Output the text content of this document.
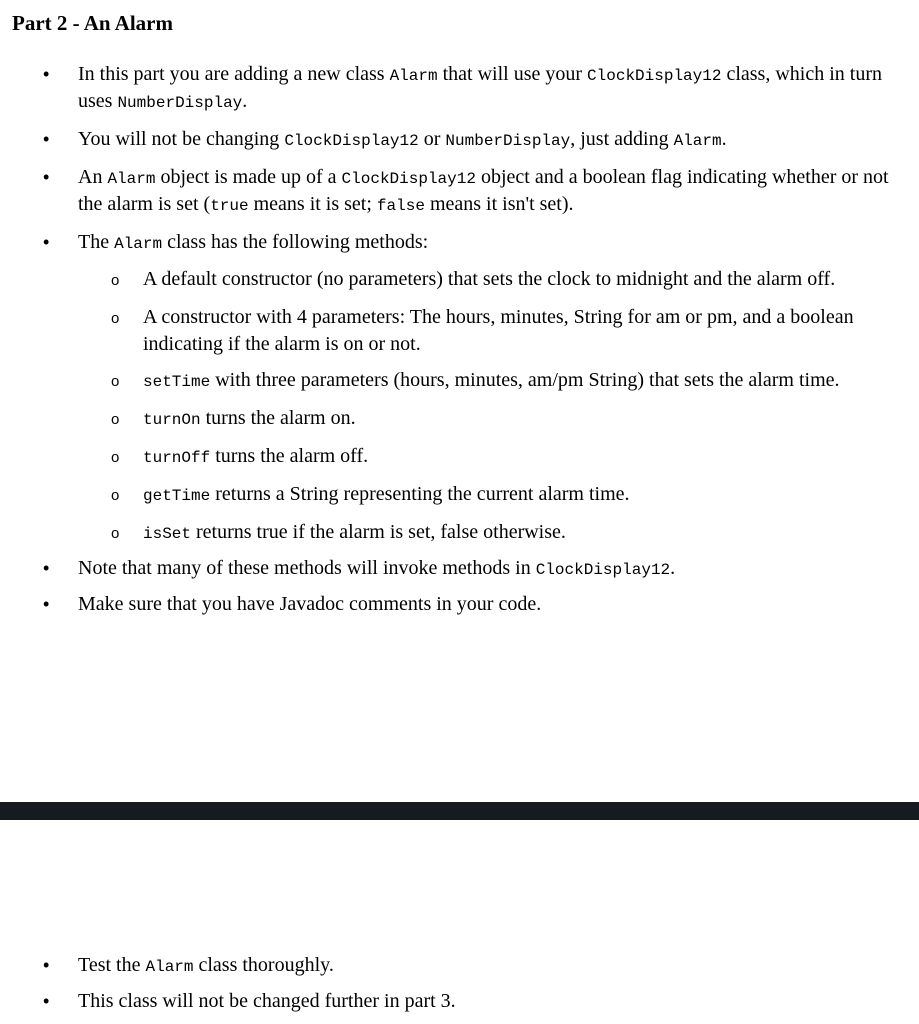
Part 2 - An Alarm
• In this part you are adding a new class Alarm that will use your ClockDisplay12 class, which in turn uses NumberDisplay.
• You will not be changing ClockDisplay12 or NumberDisplay, just adding Alarm.
• An Alarm object is made up of a ClockDisplay12 object and a boolean flag indicating whether or not the alarm is set (true means it is set; false means it isn't set).
• The Alarm class has the following methods:
o A default constructor (no parameters) that sets the clock to midnight and the alarm off.
o A constructor with 4 parameters: The hours, minutes, String for am or pm, and a boolean indicating if the alarm is on or not.
o setTime with three parameters (hours, minutes, am/pm String) that sets the alarm time.
o turnOn turns the alarm on.
o turnOff turns the alarm off.
o getTime returns a String representing the current alarm time.
o isSet returns true if the alarm is set, false otherwise.
• Note that many of these methods will invoke methods in ClockDisplay12.
• Make sure that you have Javadoc comments in your code.
• Test the Alarm class thoroughly.
• This class will not be changed further in part 3.
